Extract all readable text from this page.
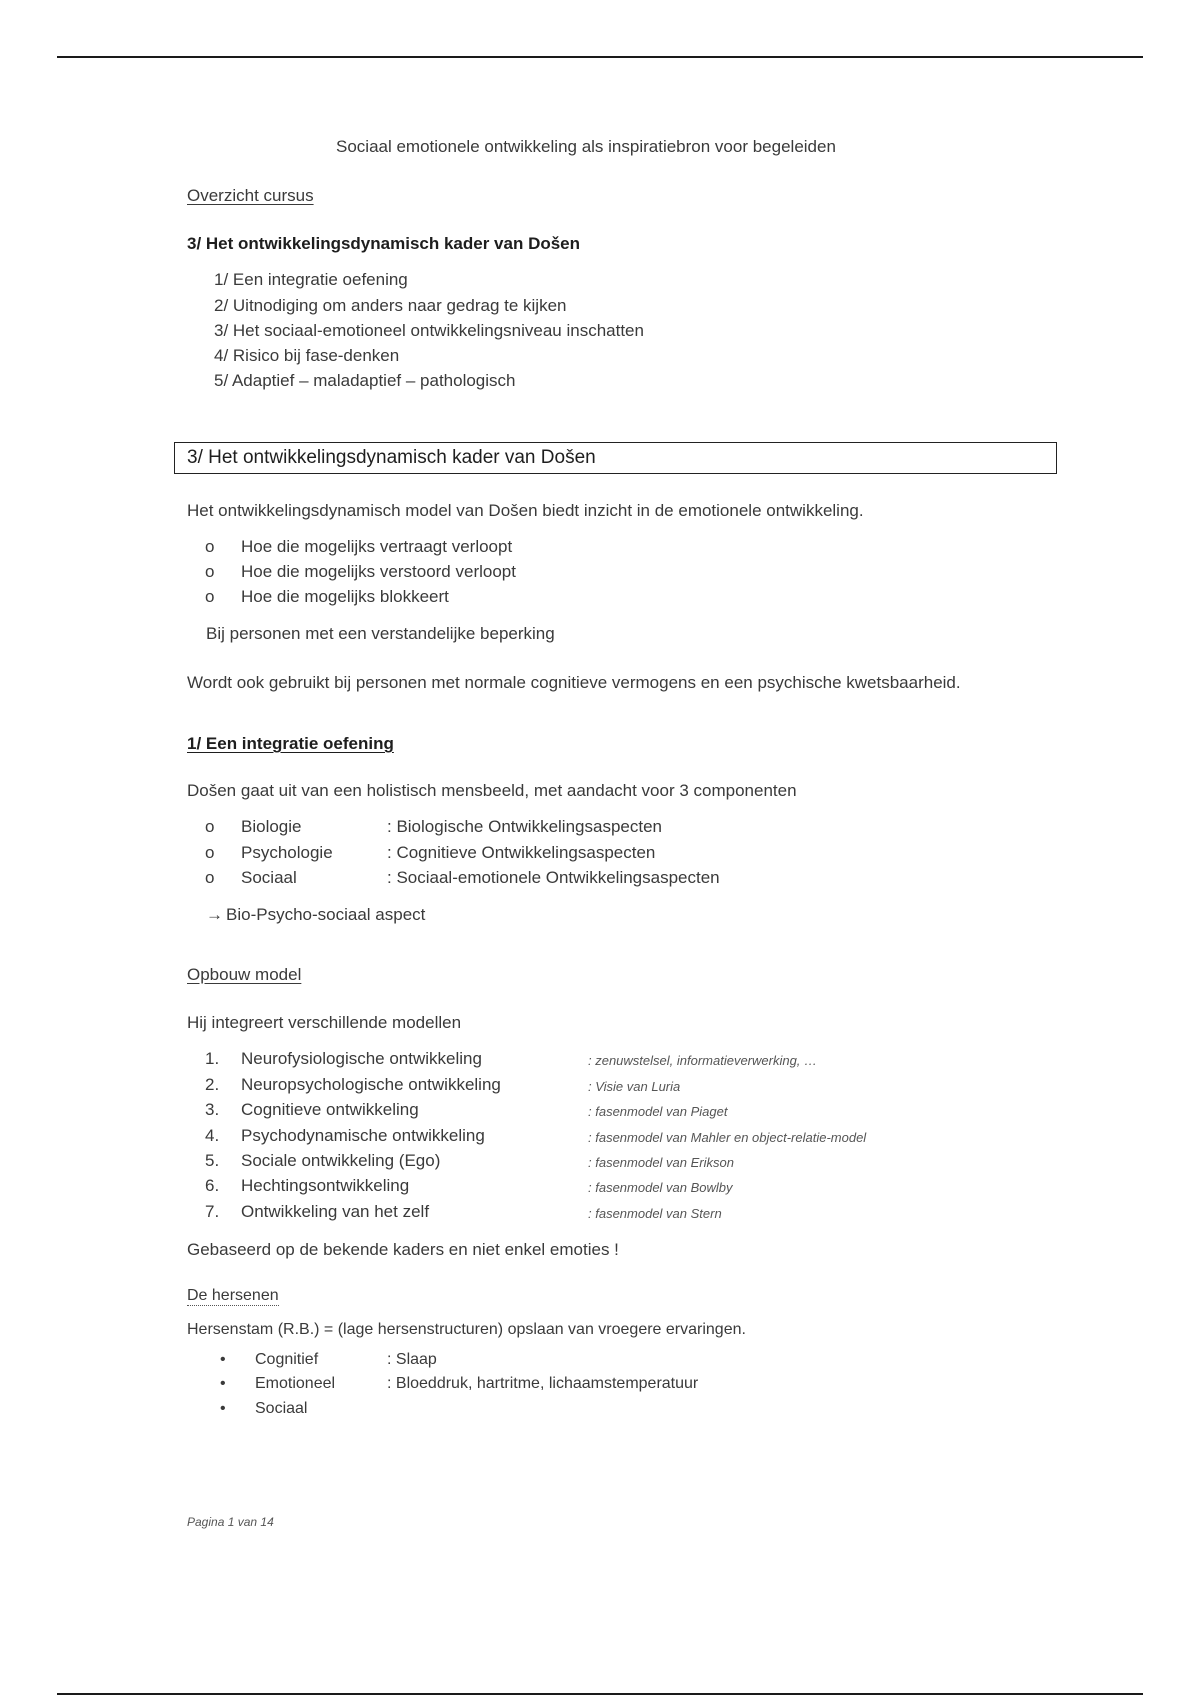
Sociaal emotionele ontwikkeling als inspiratiebron voor begeleiden
Overzicht cursus
3/ Het ontwikkelingsdynamisch kader van Došen
1/ Een integratie oefening
2/ Uitnodiging om anders naar gedrag te kijken
3/ Het sociaal-emotioneel ontwikkelingsniveau inschatten
4/ Risico bij fase-denken
5/ Adaptief – maladaptief – pathologisch
3/ Het ontwikkelingsdynamisch kader van Došen
Het ontwikkelingsdynamisch model van Došen biedt inzicht in de emotionele ontwikkeling.
o Hoe die mogelijks vertraagt verloopt
o Hoe die mogelijks verstoord verloopt
o Hoe die mogelijks blokkeert
Bij personen met een verstandelijke beperking
Wordt ook gebruikt bij personen met normale cognitieve vermogens en een psychische kwetsbaarheid.
1/ Een integratie oefening
Došen gaat uit van een holistisch mensbeeld, met aandacht voor 3 componenten
o Biologie	: Biologische Ontwikkelingsaspecten
o Psychologie	: Cognitieve Ontwikkelingsaspecten
o Sociaal	: Sociaal-emotionele Ontwikkelingsaspecten
→ Bio-Psycho-sociaal aspect
Opbouw model
Hij integreert verschillende modellen
1. Neurofysiologische ontwikkeling	: zenuwstelsel, informatieverwerking, …
2. Neuropsychologische ontwikkeling	: Visie van Luria
3. Cognitieve ontwikkeling	: fasenmodel van Piaget
4. Psychodynamische ontwikkeling	: fasenmodel van Mahler en object-relatie-model
5. Sociale ontwikkeling (Ego)	: fasenmodel van Erikson
6. Hechtingsontwikkeling	: fasenmodel van Bowlby
7. Ontwikkeling van het zelf	: fasenmodel van Stern
Gebaseerd op de bekende kaders en niet enkel emoties !
De hersenen
Hersenstam (R.B.) = (lage hersenstructuren) opslaan van vroegere ervaringen.
• Cognitief	: Slaap
• Emotioneel	: Bloeddruk, hartritme, lichaamstemperatuur
• Sociaal
Pagina 1 van 14
